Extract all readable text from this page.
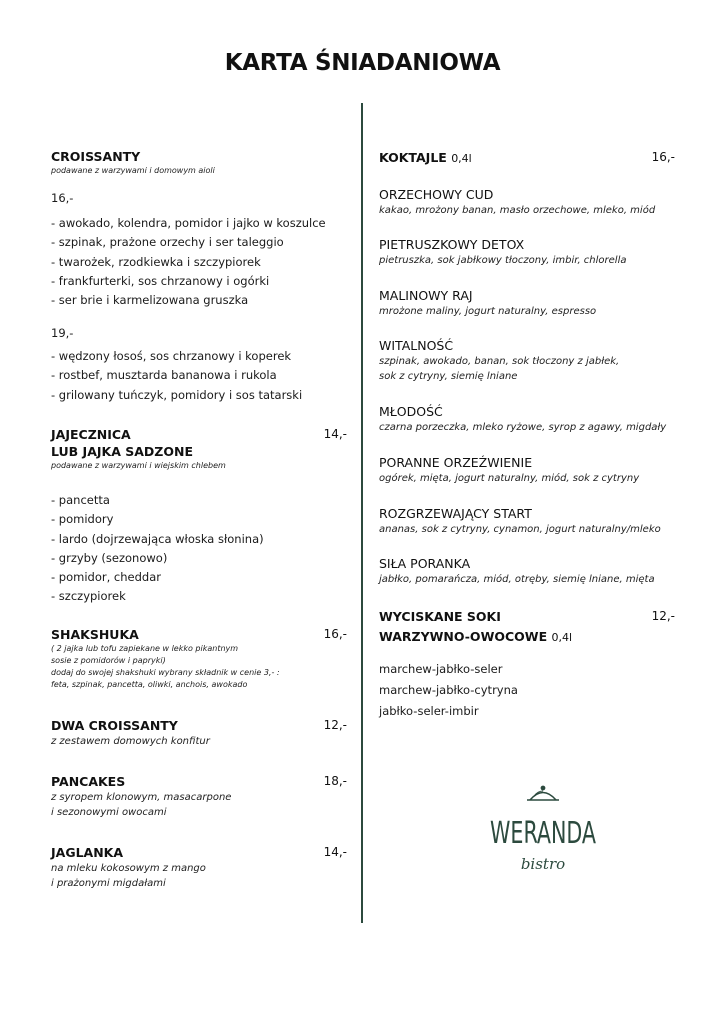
KARTA ŚNIADANIOWA
CROISSANTY
podawane z warzywami i domowym aioli
16,-
- awokado, kolendra, pomidor i jajko w koszulce
- szpinak, prażone orzechy i ser taleggio
- twarożek, rzodkiewka i szczypiorek
- frankfurterki, sos chrzanowy i ogórki
- ser brie i karmelizowana gruszka
19,-
- wędzony łosoś, sos chrzanowy i koperek
- rostbef, musztarda bananowa i rukola
- grilowany tuńczyk, pomidory i sos tatarski
JAJECZNICA	14,-
LUB JAJKA SADZONE
podawane z warzywami i wiejskim chlebem
- pancetta
- pomidory
- lardo (dojrzewająca włoska słonina)
- grzyby (sezonowo)
- pomidor, cheddar
- szczypiorek
SHAKSHUKA	16,-
( 2 jajka lub tofu zapiekane w lekko pikantnym
sosie z pomidorów i papryki)
dodaj do swojej shakshuki wybrany składnik w cenie 3,- :
feta, szpinak, pancetta, oliwki, anchois, awokado
DWA CROISSANTY	12,-
z zestawem domowych konfitur
PANCAKES	18,-
z syropem klonowym, masacarpone
i sezonowymi owocami
JAGLANKA	14,-
na mleku kokosowym z mango
i prażonymi migdałami
KOKTAJLE 0,4l	16,-
ORZECHOWY CUD
kakao, mrożony banan, masło orzechowe, mleko, miód
PIETRUSZKOWY DETOX
pietruszka, sok jabłkowy tłoczony, imbir, chlorella
MALINOWY RAJ
mrożone maliny, jogurt naturalny, espresso
WITALNOŚĆ
szpinak, awokado, banan, sok tłoczony z jabłek,
sok z cytryny, siemię lniane
MŁODOŚĆ
czarna porzeczka, mleko ryżowe, syrop z agawy, migdały
PORANNE ORZEŹWIENIE
ogórek, mięta, jogurt naturalny, miód, sok z cytryny
ROZGRZEWAJĄCY START
ananas, sok z cytryny, cynamon, jogurt naturalny/mleko
SIŁA PORANKA
jabłko, pomarańcza, miód, otręby, siemię lniane, mięta
WYCISKANE SOKI	12,-
WARZYWNO-OWOCOWE 0,4l
marchew-jabłko-seler
marchew-jabłko-cytryna
jabłko-seler-imbir
WERANDA
bistro
